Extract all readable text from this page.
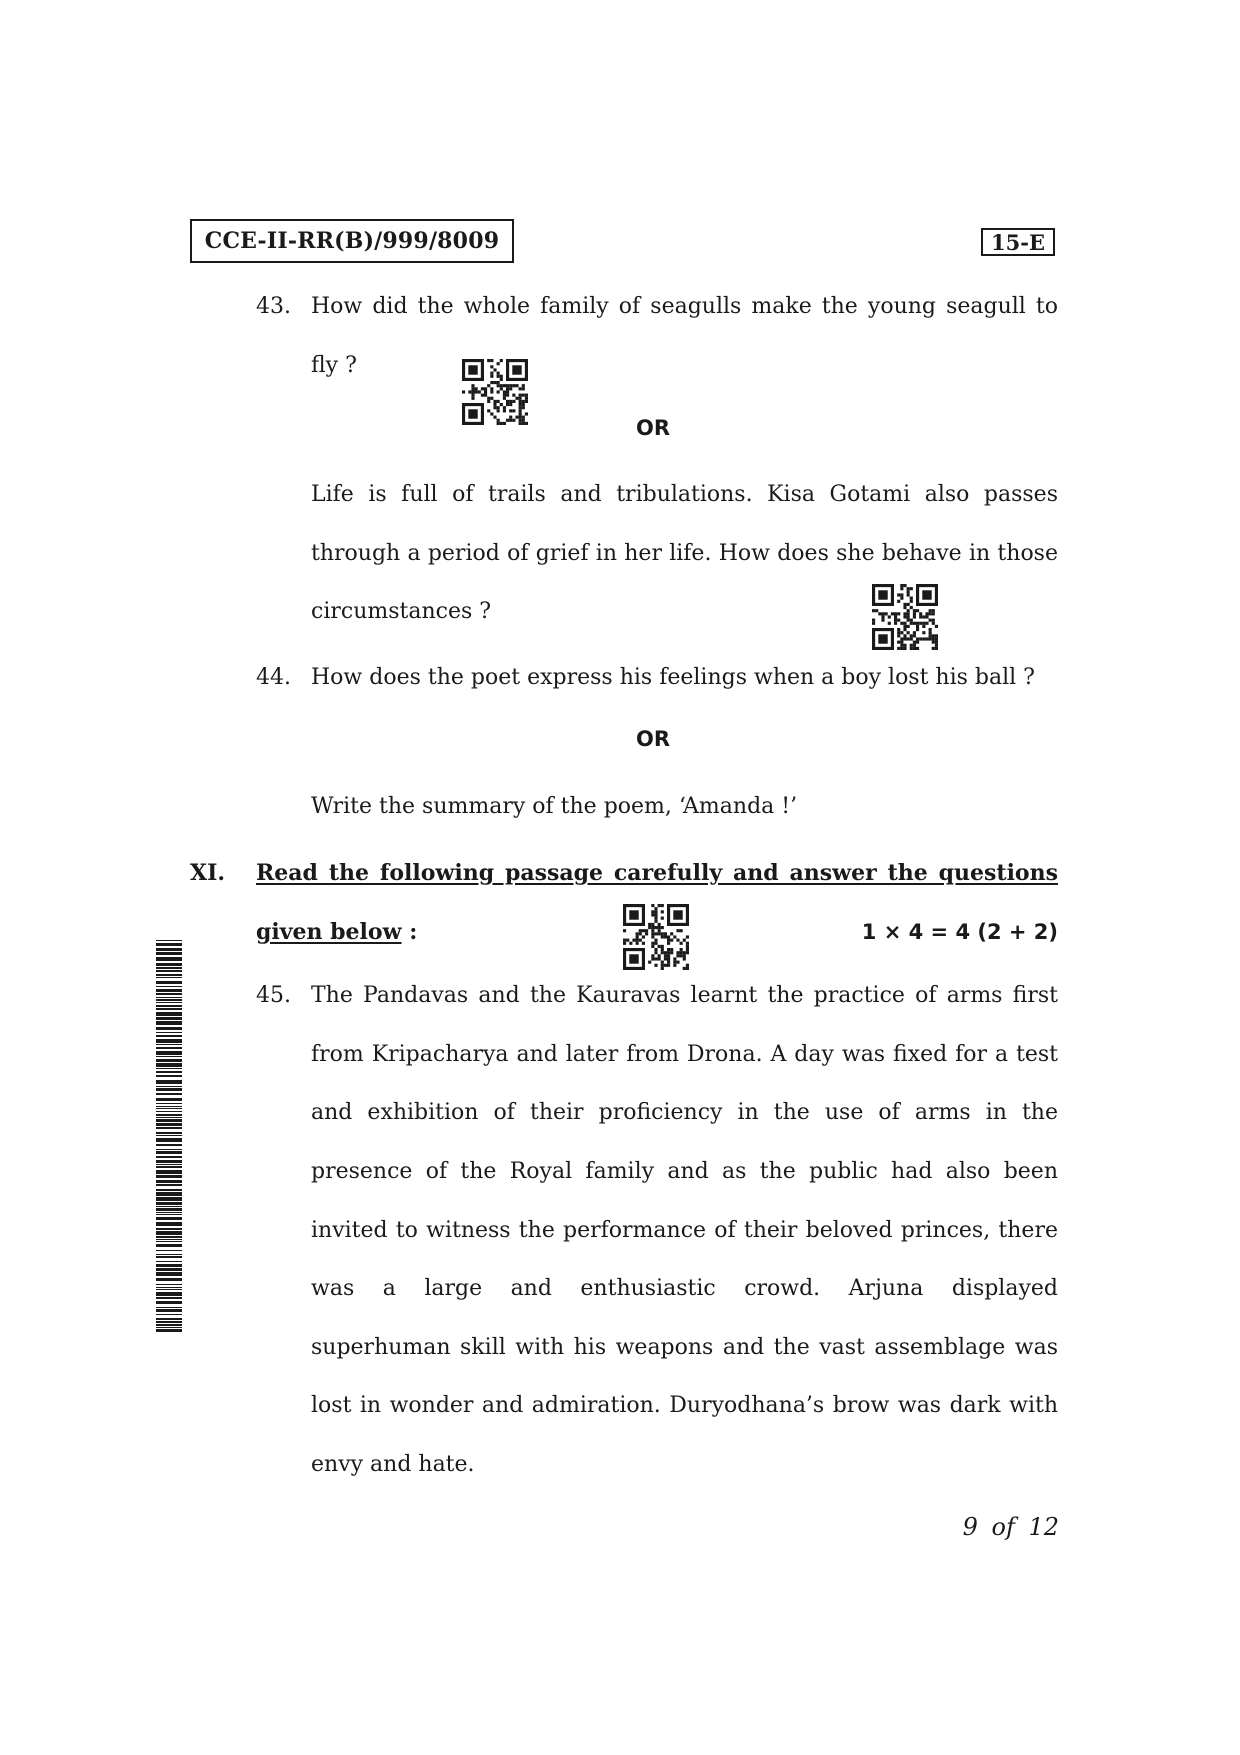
CCE-II-RR(B)/999/8009	15-E
43. How did the whole family of seagulls make the young seagull to
fly ?
OR
Life is full of trails and tribulations. Kisa Gotami also passes
through a period of grief in her life. How does she behave in those
circumstances ?
44. How does the poet express his feelings when a boy lost his ball ?
OR
Write the summary of the poem, ‘Amanda !’
XI. Read the following passage carefully and answer the questions
given below :	1 × 4 = 4 (2 + 2)
45. The Pandavas and the Kauravas learnt the practice of arms first
from Kripacharya and later from Drona. A day was fixed for a test
and exhibition of their proficiency in the use of arms in the
presence of the Royal family and as the public had also been
invited to witness the performance of their beloved princes, there
was a large and enthusiastic crowd. Arjuna displayed
superhuman skill with his weapons and the vast assemblage was
lost in wonder and admiration. Duryodhana’s brow was dark with
envy and hate.
9 of 12
